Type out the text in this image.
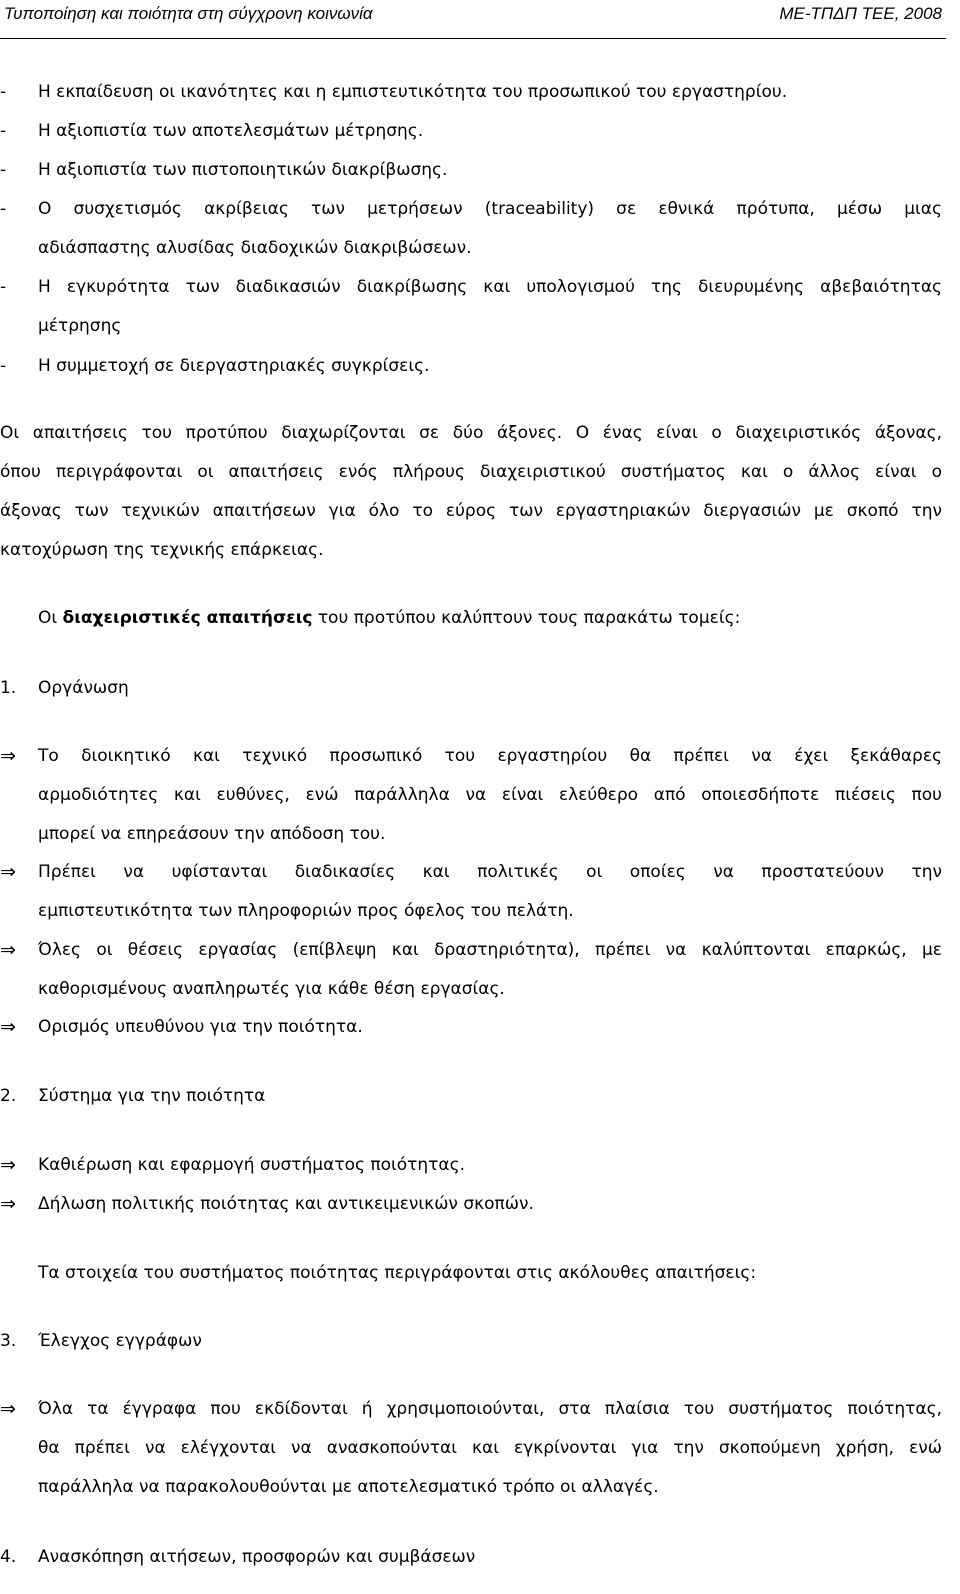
Τυποποίηση και ποιότητα στη σύγχρονη κοινωνία	ΜΕ-ΤΠΔΠ ΤΕΕ, 2008
- Η εκπαίδευση οι ικανότητες και η εμπιστευτικότητα του προσωπικού του εργαστηρίου.
- Η αξιοπιστία των αποτελεσμάτων μέτρησης.
- Η αξιοπιστία των πιστοποιητικών διακρίβωσης.
- Ο συσχετισμός ακρίβειας των μετρήσεων (traceability) σε εθνικά πρότυπα, μέσω μιας
αδιάσπαστης αλυσίδας διαδοχικών διακριβώσεων.
- Η εγκυρότητα των διαδικασιών διακρίβωσης και υπολογισμού της διευρυμένης αβεβαιότητας
μέτρησης
- Η συμμετοχή σε διεργαστηριακές συγκρίσεις.
Οι απαιτήσεις του προτύπου διαχωρίζονται σε δύο άξονες. Ο ένας είναι ο διαχειριστικός άξονας,
όπου περιγράφονται οι απαιτήσεις ενός πλήρους διαχειριστικού συστήματος και ο άλλος είναι ο
άξονας των τεχνικών απαιτήσεων για όλο το εύρος των εργαστηριακών διεργασιών με σκοπό την
κατοχύρωση της τεχνικής επάρκειας.
Οι διαχειριστικές απαιτήσεις του προτύπου καλύπτουν τους παρακάτω τομείς:
1. Οργάνωση
⇒ Το διοικητικό και τεχνικό προσωπικό του εργαστηρίου θα πρέπει να έχει ξεκάθαρες
αρμοδιότητες και ευθύνες, ενώ παράλληλα να είναι ελεύθερο από οποιεσδήποτε πιέσεις που
μπορεί να επηρεάσουν την απόδοση του.
⇒ Πρέπει να υφίστανται διαδικασίες και πολιτικές οι οποίες να προστατεύουν την
εμπιστευτικότητα των πληροφοριών προς όφελος του πελάτη.
⇒ Όλες οι θέσεις εργασίας (επίβλεψη και δραστηριότητα), πρέπει να καλύπτονται επαρκώς, με
καθορισμένους αναπληρωτές για κάθε θέση εργασίας.
⇒ Ορισμός υπευθύνου για την ποιότητα.
2. Σύστημα για την ποιότητα
⇒ Καθιέρωση και εφαρμογή συστήματος ποιότητας.
⇒ Δήλωση πολιτικής ποιότητας και αντικειμενικών σκοπών.
Τα στοιχεία του συστήματος ποιότητας περιγράφονται στις ακόλουθες απαιτήσεις:
3. Έλεγχος εγγράφων
⇒ Όλα τα έγγραφα που εκδίδονται ή χρησιμοποιούνται, στα πλαίσια του συστήματος ποιότητας,
θα πρέπει να ελέγχονται να ανασκοπούνται και εγκρίνονται για την σκοπούμενη χρήση, ενώ
παράλληλα να παρακολουθούνται με αποτελεσματικό τρόπο οι αλλαγές.
4. Ανασκόπηση αιτήσεων, προσφορών και συμβάσεων
